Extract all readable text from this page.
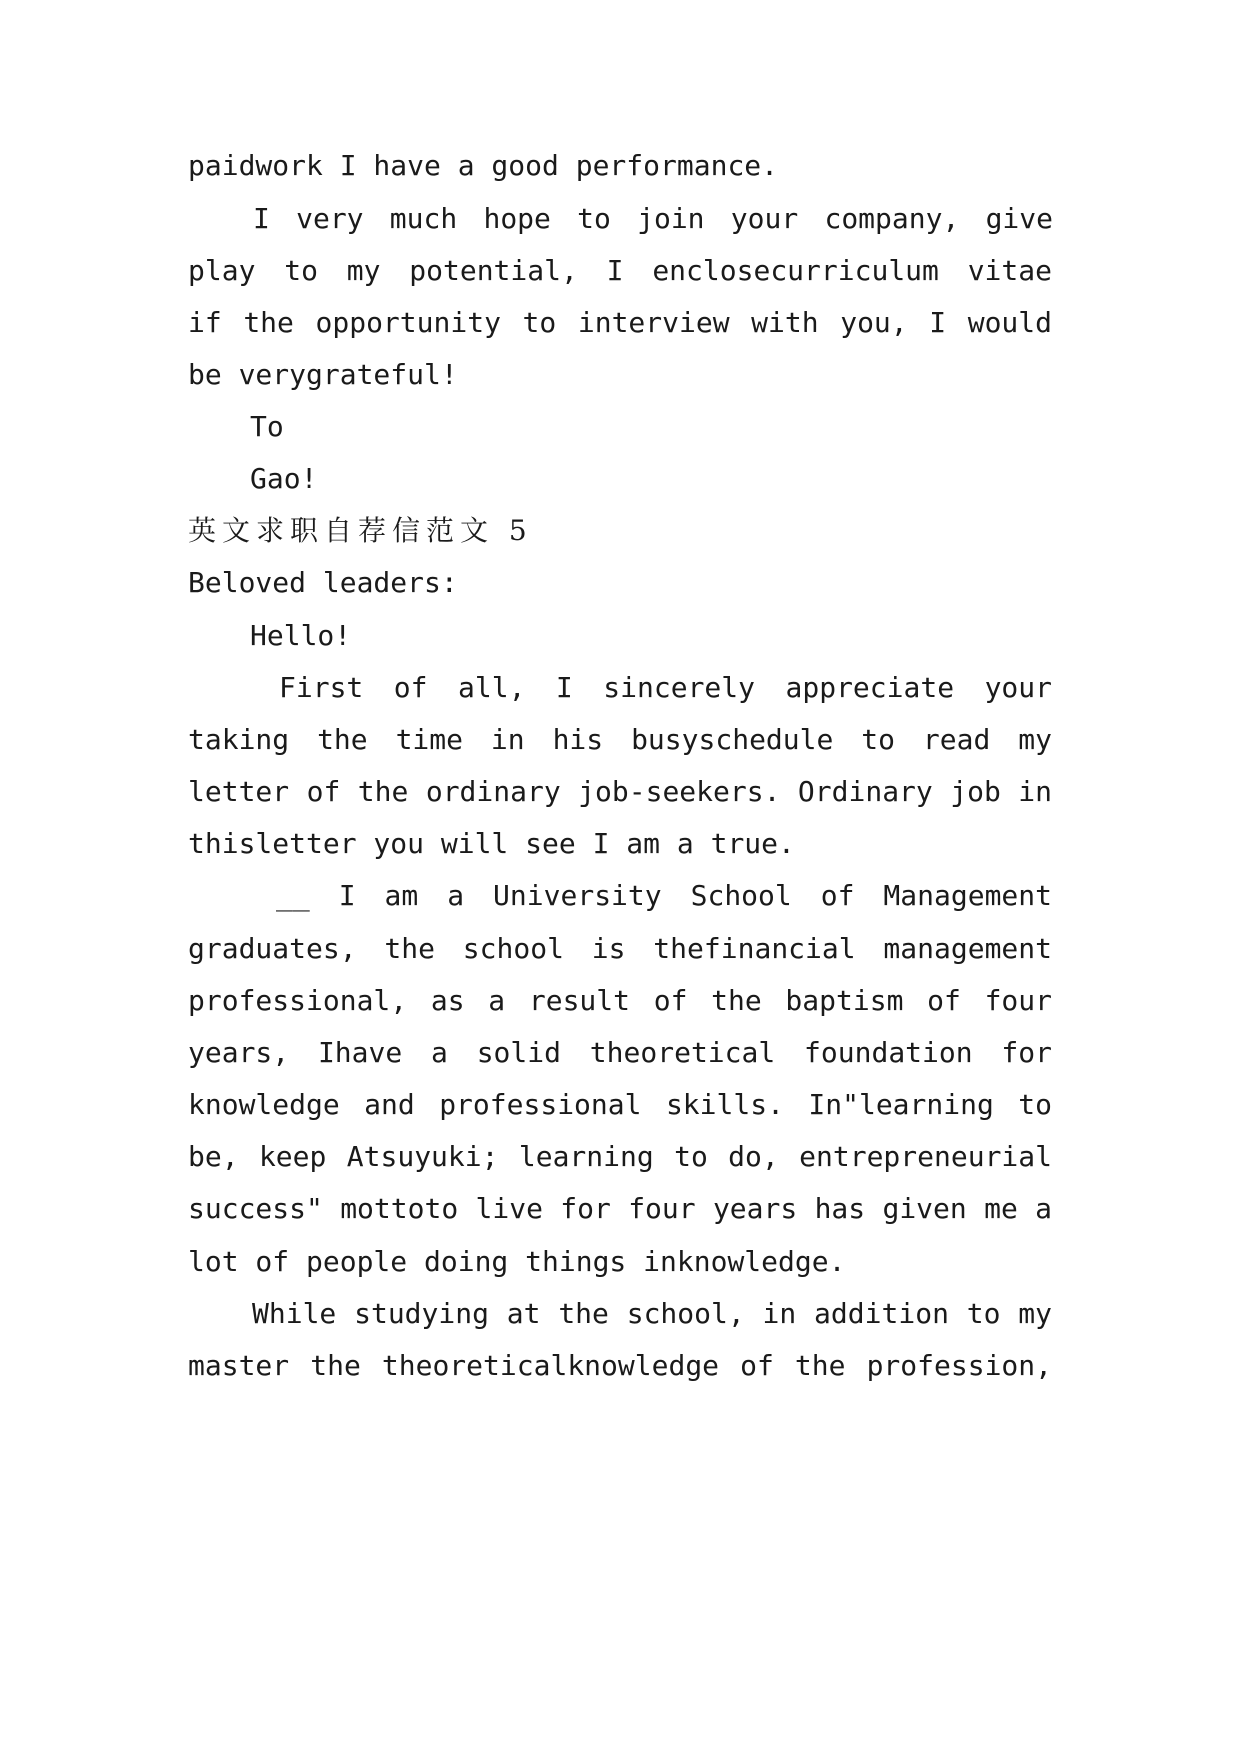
paidwork I have a good performance.
I very much hope to join your company, give
play to my potential, I enclosecurriculum vitae
if the opportunity to interview with you, I would
be verygrateful!
To
Gao!
英文求职自荐信范文 5
Beloved leaders:
Hello!
First of all, I sincerely appreciate your
taking the time in his busyschedule to read my
letter of the ordinary job-seekers. Ordinary job in
thisletter you will see I am a true.
__ I am a University School of Management
graduates, the school is thefinancial management
professional, as a result of the baptism of four
years, Ihave a solid theoretical foundation for
knowledge and professional skills. In"learning to
be, keep Atsuyuki; learning to do, entrepreneurial
success" mottoto live for four years has given me a
lot of people doing things inknowledge.
While studying at the school, in addition to my
master the theoreticalknowledge of the profession,
